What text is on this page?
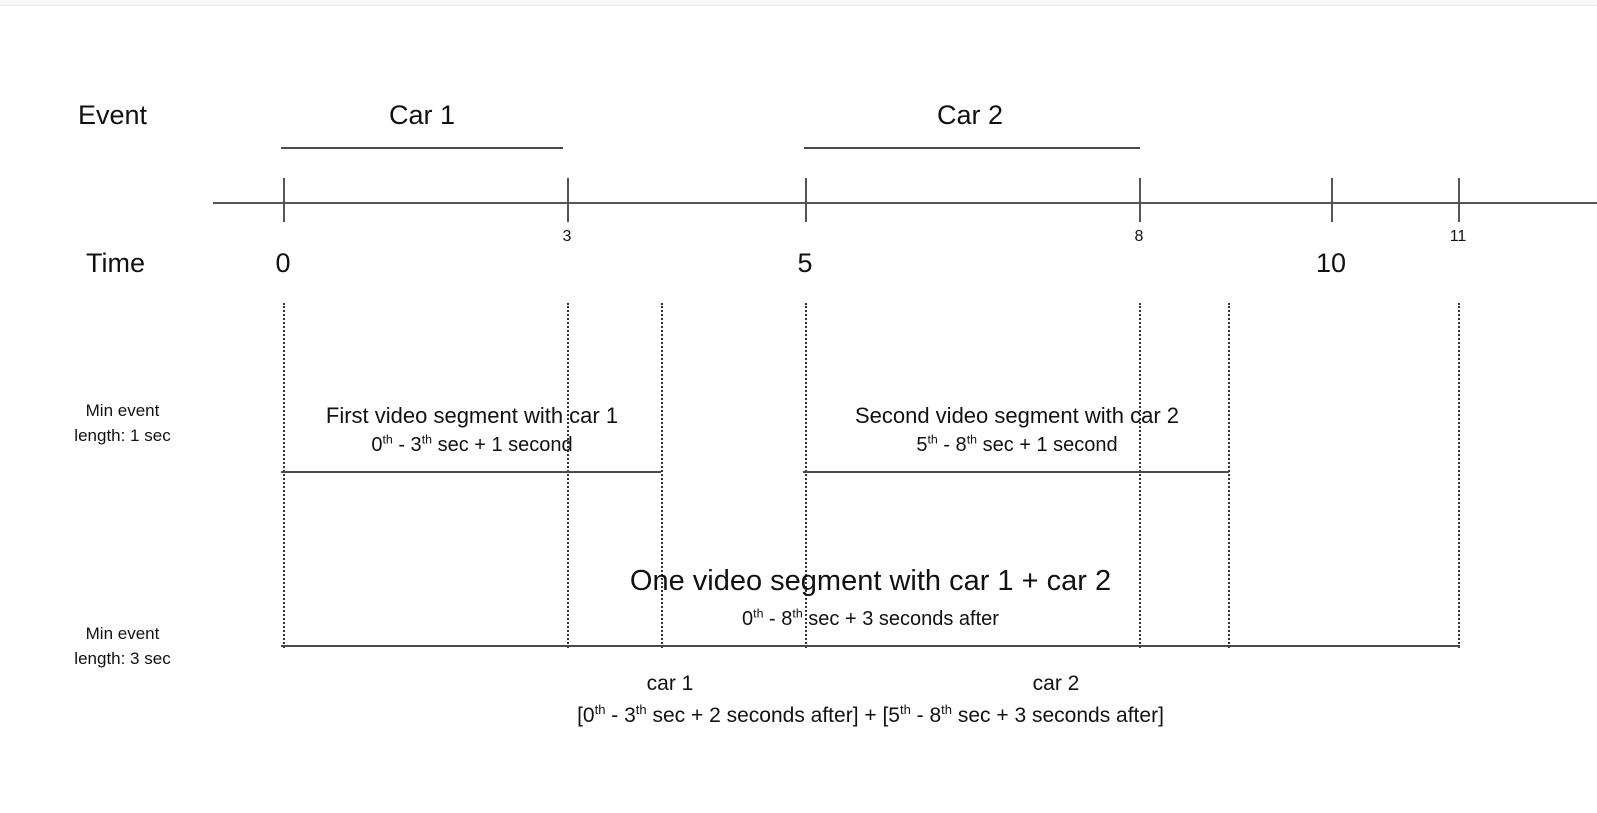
Event
Time
Min event
length: 1 sec
Min event
length: 3 sec
Car 1	Car 2
3	8	11
0	5	10
First video segment with car 1
0th - 3th sec + 1 second
Second video segment with car 2
5th - 8th sec + 1 second
One video segment with car 1 + car 2
0th - 8th sec + 3 seconds after
car 1	car 2
[0th - 3th sec + 2 seconds after] + [5th - 8th sec + 3 seconds after]
